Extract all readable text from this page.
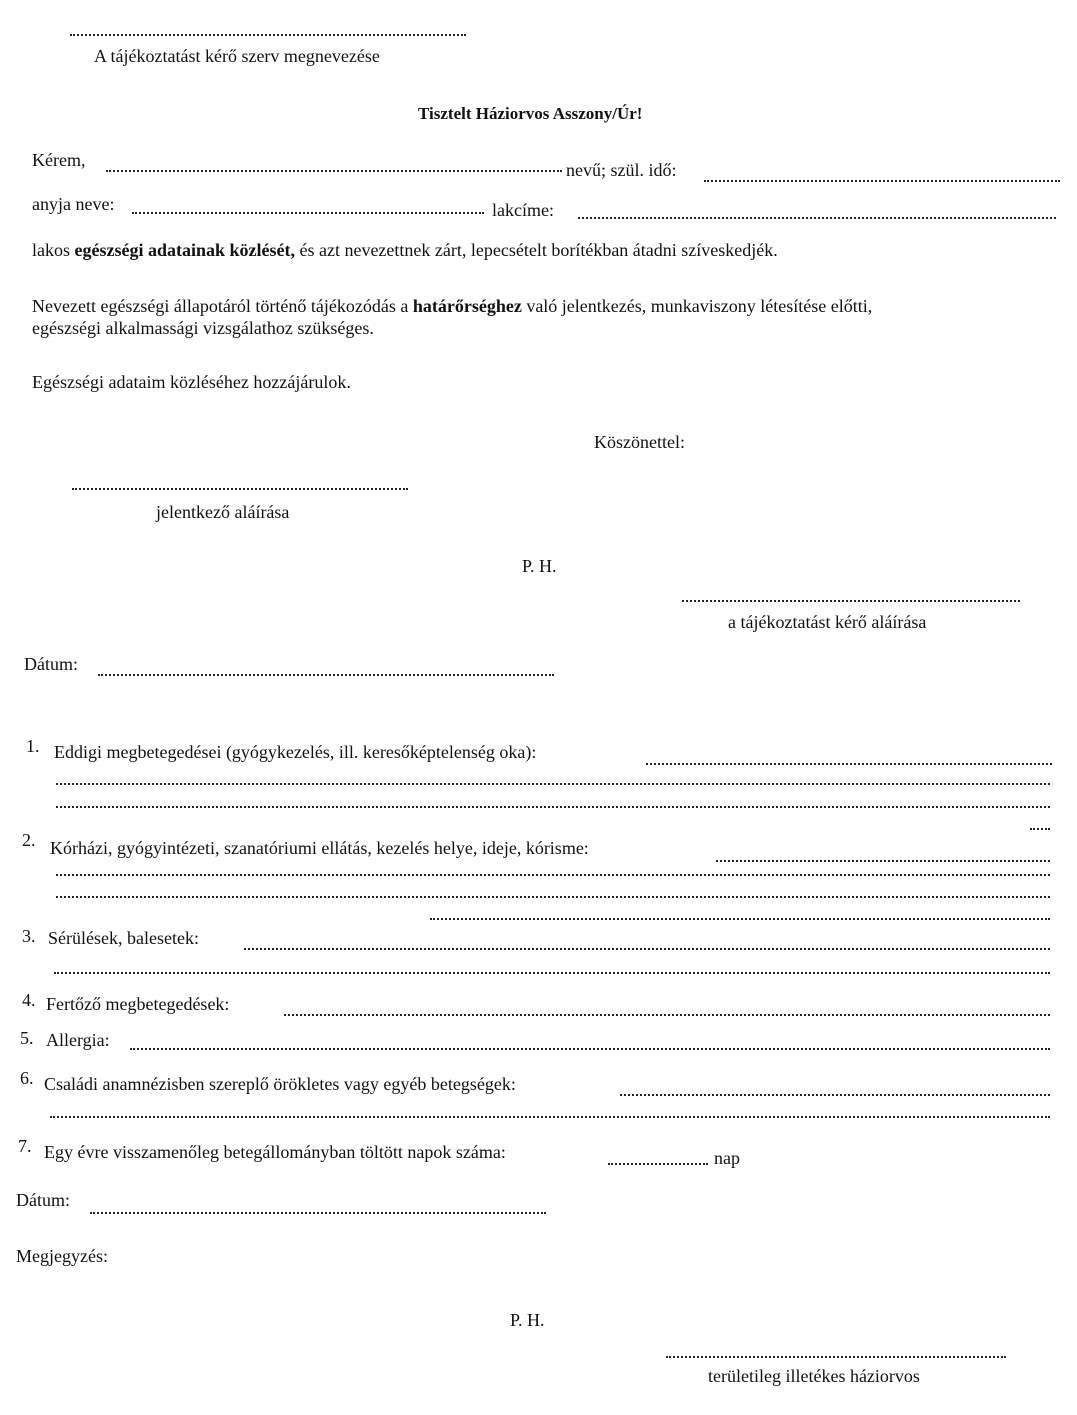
A tájékoztatást kérő szerv megnevezése
Tisztelt Háziorvos Asszony/Úr!
Kérem,	nevű; szül. idő:
anyja neve:	lakcíme:
lakos egészségi adatainak közlését, és azt nevezettnek zárt, lepecsételt borítékban átadni szíveskedjék.
Nevezett egészségi állapotáról történő tájékozódás a határőrséghez való jelentkezés, munkaviszony létesítése előtti,
egészségi alkalmassági vizsgálathoz szükséges.
Egészségi adataim közléséhez hozzájárulok.
Köszönettel:
jelentkező aláírása
P. H.
a tájékoztatást kérő aláírása
Dátum:
1. Eddigi megbetegedései (gyógykezelés, ill. keresőképtelenség oka):
2. Kórházi, gyógyintézeti, szanatóriumi ellátás, kezelés helye, ideje, kórisme:
3. Sérülések, balesetek:
4. Fertőző megbetegedések:
5. Allergia:
6. Családi anamnézisben szereplő örökletes vagy egyéb betegségek:
7. Egy évre visszamenőleg betegállományban töltött napok száma:	nap
Dátum:
Megjegyzés:
P. H.
területileg illetékes háziorvos
